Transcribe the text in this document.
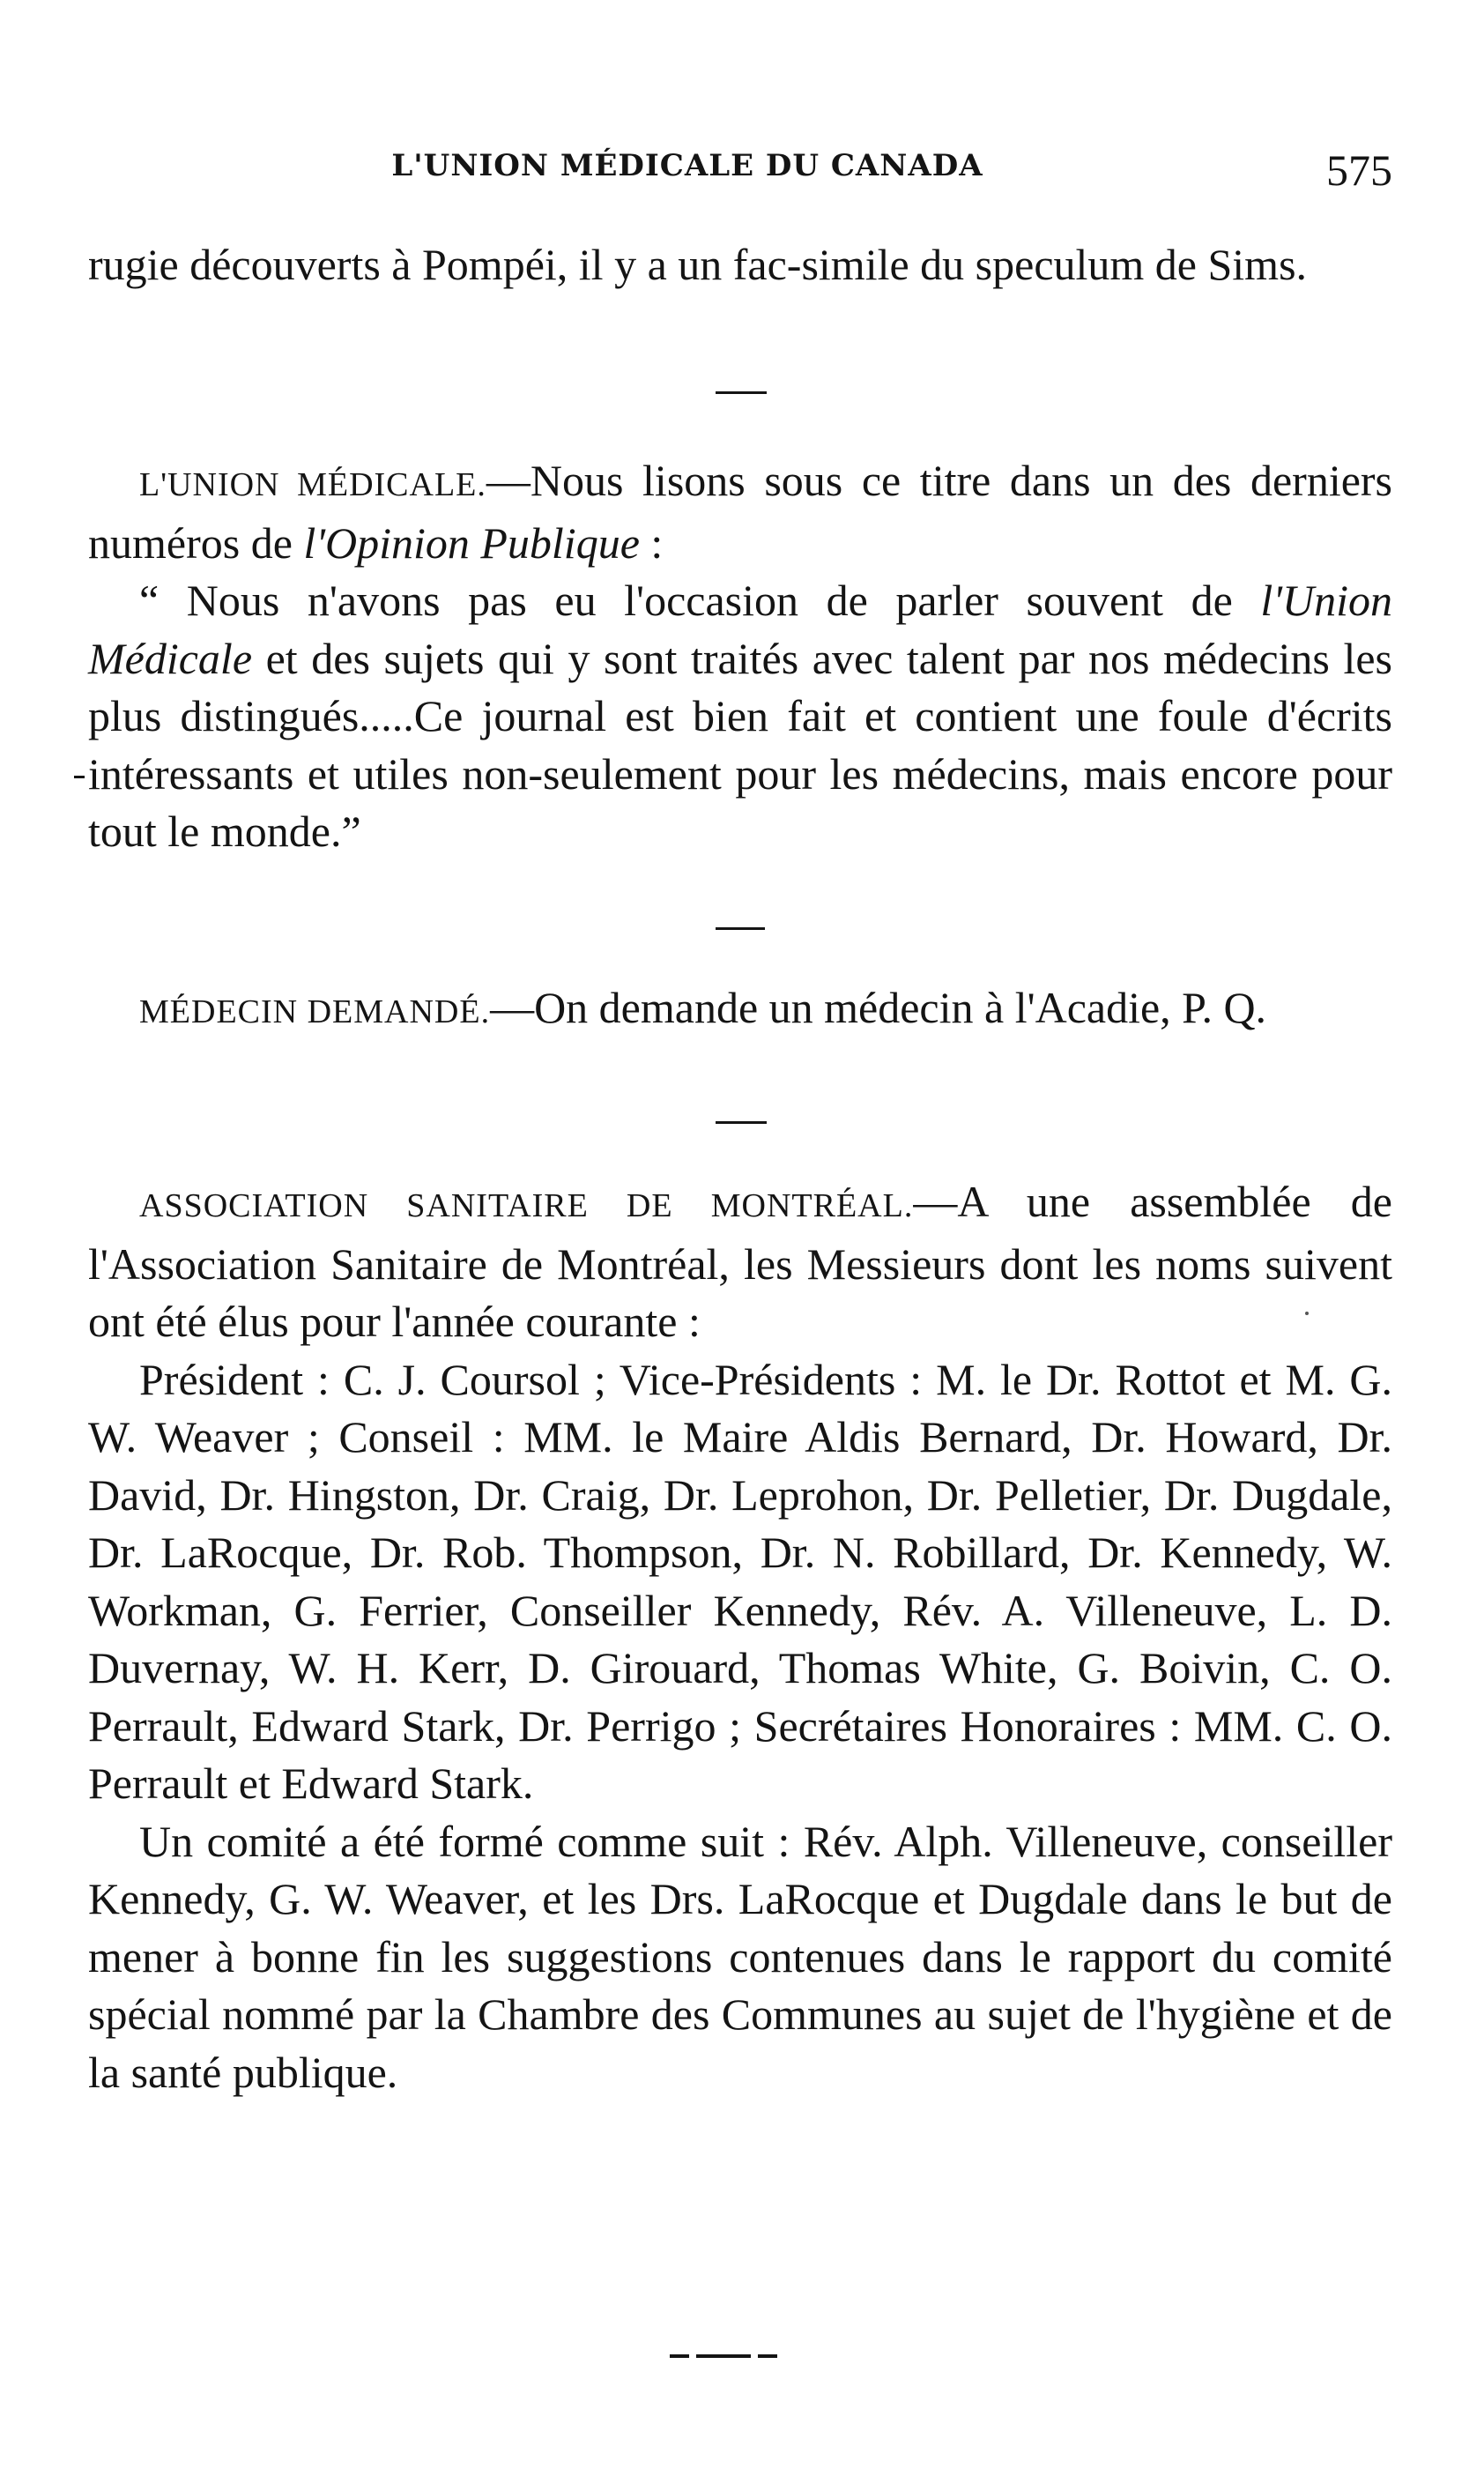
L'UNION MÉDICALE DU CANADA	575

rugie découverts à Pompéi, il y a un fac-simile du speculum de Sims.

L'UNION MÉDICALE.—Nous lisons sous ce titre dans un des derniers numéros de l'Opinion Publique :

“ Nous n'avons pas eu l'occasion de parler souvent de l'Union Médicale et des sujets qui y sont traités avec talent par nos médecins les plus distingués.....Ce journal est bien fait et contient une foule d'écrits intéressants et utiles non-seulement pour les médecins, mais encore pour tout le monde.”

MÉDECIN DEMANDÉ.—On demande un médecin à l'Acadie, P. Q.

ASSOCIATION SANITAIRE DE MONTRÉAL.—A une assemblée de l'Association Sanitaire de Montréal, les Messieurs dont les noms suivent ont été élus pour l'année courante :

Président : C. J. Coursol ; Vice-Présidents : M. le Dr. Rottot et M. G. W. Weaver ; Conseil : MM. le Maire Aldis Bernard, Dr. Howard, Dr. David, Dr. Hingston, Dr. Craig, Dr. Leprohon, Dr. Pelletier, Dr. Dugdale, Dr. LaRocque, Dr. Rob. Thompson, Dr. N. Robillard, Dr. Kennedy, W. Workman, G. Ferrier, Conseiller Kennedy, Rév. A. Villeneuve, L. D. Duvernay, W. H. Kerr, D. Girouard, Thomas White, G. Boivin, C. O. Perrault, Edward Stark, Dr. Perrigo ; Secrétaires Honoraires : MM. C. O. Perrault et Edward Stark.

Un comité a été formé comme suit : Rév. Alph. Villeneuve, conseiller Kennedy, G. W. Weaver, et les Drs. LaRocque et Dugdale dans le but de mener à bonne fin les suggestions contenues dans le rapport du comité spécial nommé par la Chambre des Communes au sujet de l'hygiène et de la santé publique.
